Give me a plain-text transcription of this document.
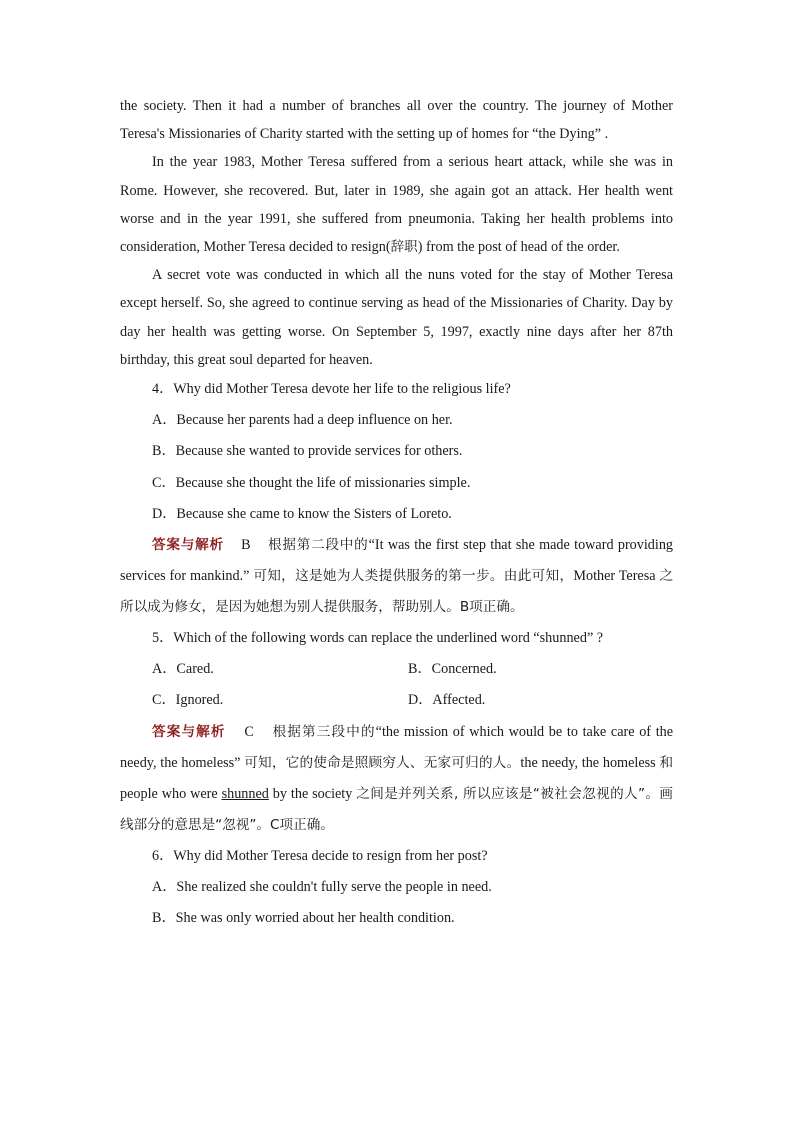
the society. Then it had a number of branches all over the country. The journey of Mother Teresa's Missionaries of Charity started with the setting up of homes for “the Dying” .

In the year 1983, Mother Teresa suffered from a serious heart attack, while she was in Rome. However, she recovered. But, later in 1989, she again got an attack. Her health went worse and in the year 1991, she suffered from pneumonia. Taking her health problems into consideration, Mother Teresa decided to resign(辞职) from the post of head of the order.

A secret vote was conducted in which all the nuns voted for the stay of Mother Teresa except herself. So, she agreed to continue serving as head of the Missionaries of Charity. Day by day her health was getting worse. On September 5, 1997, exactly nine days after her 87th birthday, this great soul departed for heaven.

4．Why did Mother Teresa devote her life to the religious life?

A．Because her parents had a deep influence on her.

B．Because she wanted to provide services for others.

C．Because she thought the life of missionaries simple.

D．Because she came to know the Sisters of Loreto.

答案与解析 B 根据第二段中的“It was the first step that she made toward providing services for mankind.” 可知，这是她为人类提供服务的第一步。由此可知，Mother Teresa 之所以成为修女，是因为她想为别人提供服务，帮助别人。B项正确。

5．Which of the following words can replace the underlined word “shunned” ?

A．Cared.	B．Concerned.
C．Ignored.	D．Affected.

答案与解析 C 根据第三段中的“the mission of which would be to take care of the needy, the homeless” 可知，它的使命是照顾穷人、无家可归的人。the needy, the homeless 和 people who were shunned by the society 之间是并列关系, 所以应该是“被社会忽视的人”。画线部分的意思是“忽视”。C项正确。

6．Why did Mother Teresa decide to resign from her post?

A．She realized she couldn't fully serve the people in need.

B．She was only worried about her health condition.
